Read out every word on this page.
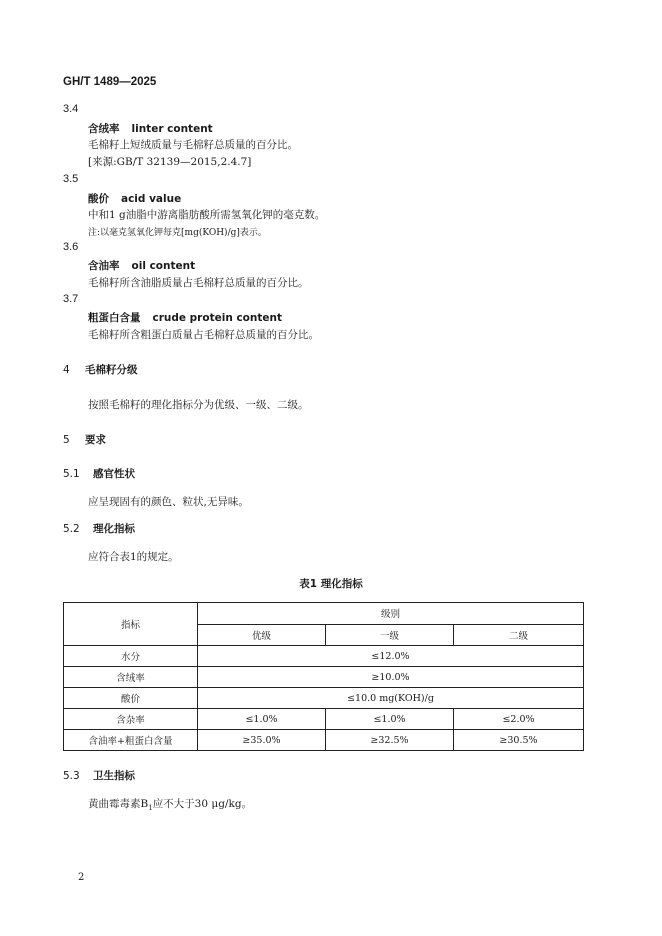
GH/T 1489—2025
3.4
含绒率 linter content
毛棉籽上短绒质量与毛棉籽总质量的百分比。
[来源:GB/T 32139—2015,2.4.7]
3.5
酸价 acid value
中和1 g油脂中游离脂肪酸所需氢氧化钾的毫克数。
注:以毫克氢氧化钾每克[mg(KOH)/g]表示。
3.6
含油率 oil content
毛棉籽所含油脂质量占毛棉籽总质量的百分比。
3.7
粗蛋白含量 crude protein content
毛棉籽所含粗蛋白质量占毛棉籽总质量的百分比。
4 毛棉籽分级
按照毛棉籽的理化指标分为优级、一级、二级。
5 要求
5.1 感官性状
应呈现固有的颜色、粒状,无异味。
5.2 理化指标
应符合表1的规定。
表1 理化指标
指标	级别		
	优级	一级	二级
水分	≤12.0%		
含绒率	≥10.0%		
酸价	≤10.0 mg(KOH)/g		
含杂率	≤1.0%	≤1.0%	≤2.0%
含油率+粗蛋白含量	≥35.0%	≥32.5%	≥30.5%
5.3 卫生指标
黄曲霉毒素$B_1$应不大于30 μg/kg。
2
